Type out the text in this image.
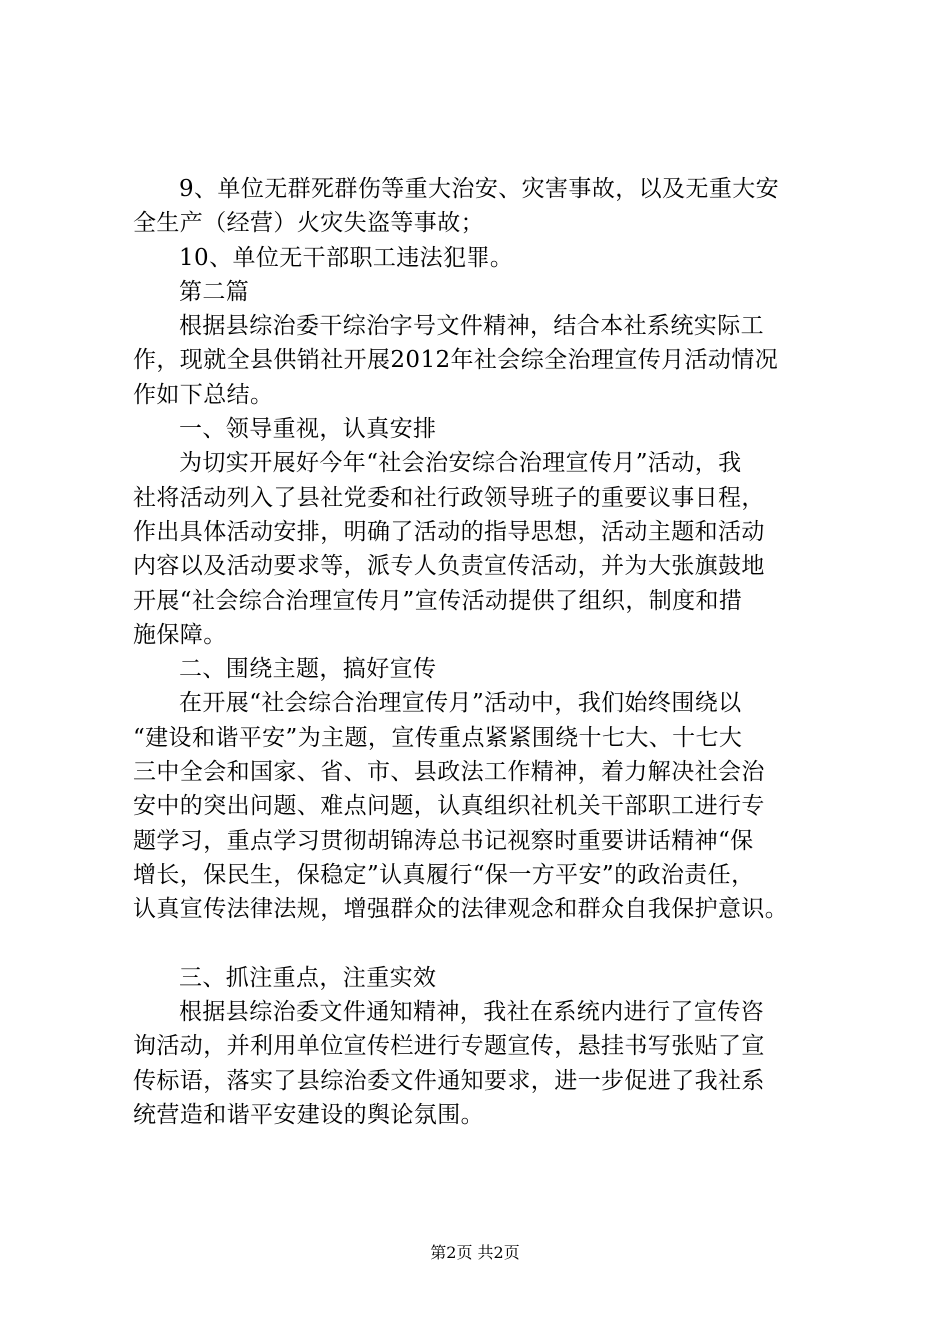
9、单位无群死群伤等重大治安、灾害事故，以及无重大安
全生产（经营）火灾失盗等事故；
10、单位无干部职工违法犯罪。
第二篇
根据县综治委干综治字号文件精神，结合本社系统实际工
作，现就全县供销社开展2012年社会综全治理宣传月活动情况
作如下总结。
一、领导重视，认真安排
为切实开展好今年“社会治安综合治理宣传月”活动，我
社将活动列入了县社党委和社行政领导班子的重要议事日程，
作出具体活动安排，明确了活动的指导思想，活动主题和活动
内容以及活动要求等，派专人负责宣传活动，并为大张旗鼓地
开展“社会综合治理宣传月”宣传活动提供了组织，制度和措
施保障。
二、围绕主题，搞好宣传
在开展“社会综合治理宣传月”活动中，我们始终围绕以
“建设和谐平安”为主题，宣传重点紧紧围绕十七大、十七大
三中全会和国家、省、市、县政法工作精神，着力解决社会治
安中的突出问题、难点问题，认真组织社机关干部职工进行专
题学习，重点学习贯彻胡锦涛总书记视察时重要讲话精神“保
增长，保民生，保稳定”认真履行“保一方平安”的政治责任，
认真宣传法律法规，增强群众的法律观念和群众自我保护意识。
三、抓注重点，注重实效
根据县综治委文件通知精神，我社在系统内进行了宣传咨
询活动，并利用单位宣传栏进行专题宣传，悬挂书写张贴了宣
传标语，落实了县综治委文件通知要求，进一步促进了我社系
统营造和谐平安建设的舆论氛围。
第2页 共2页
